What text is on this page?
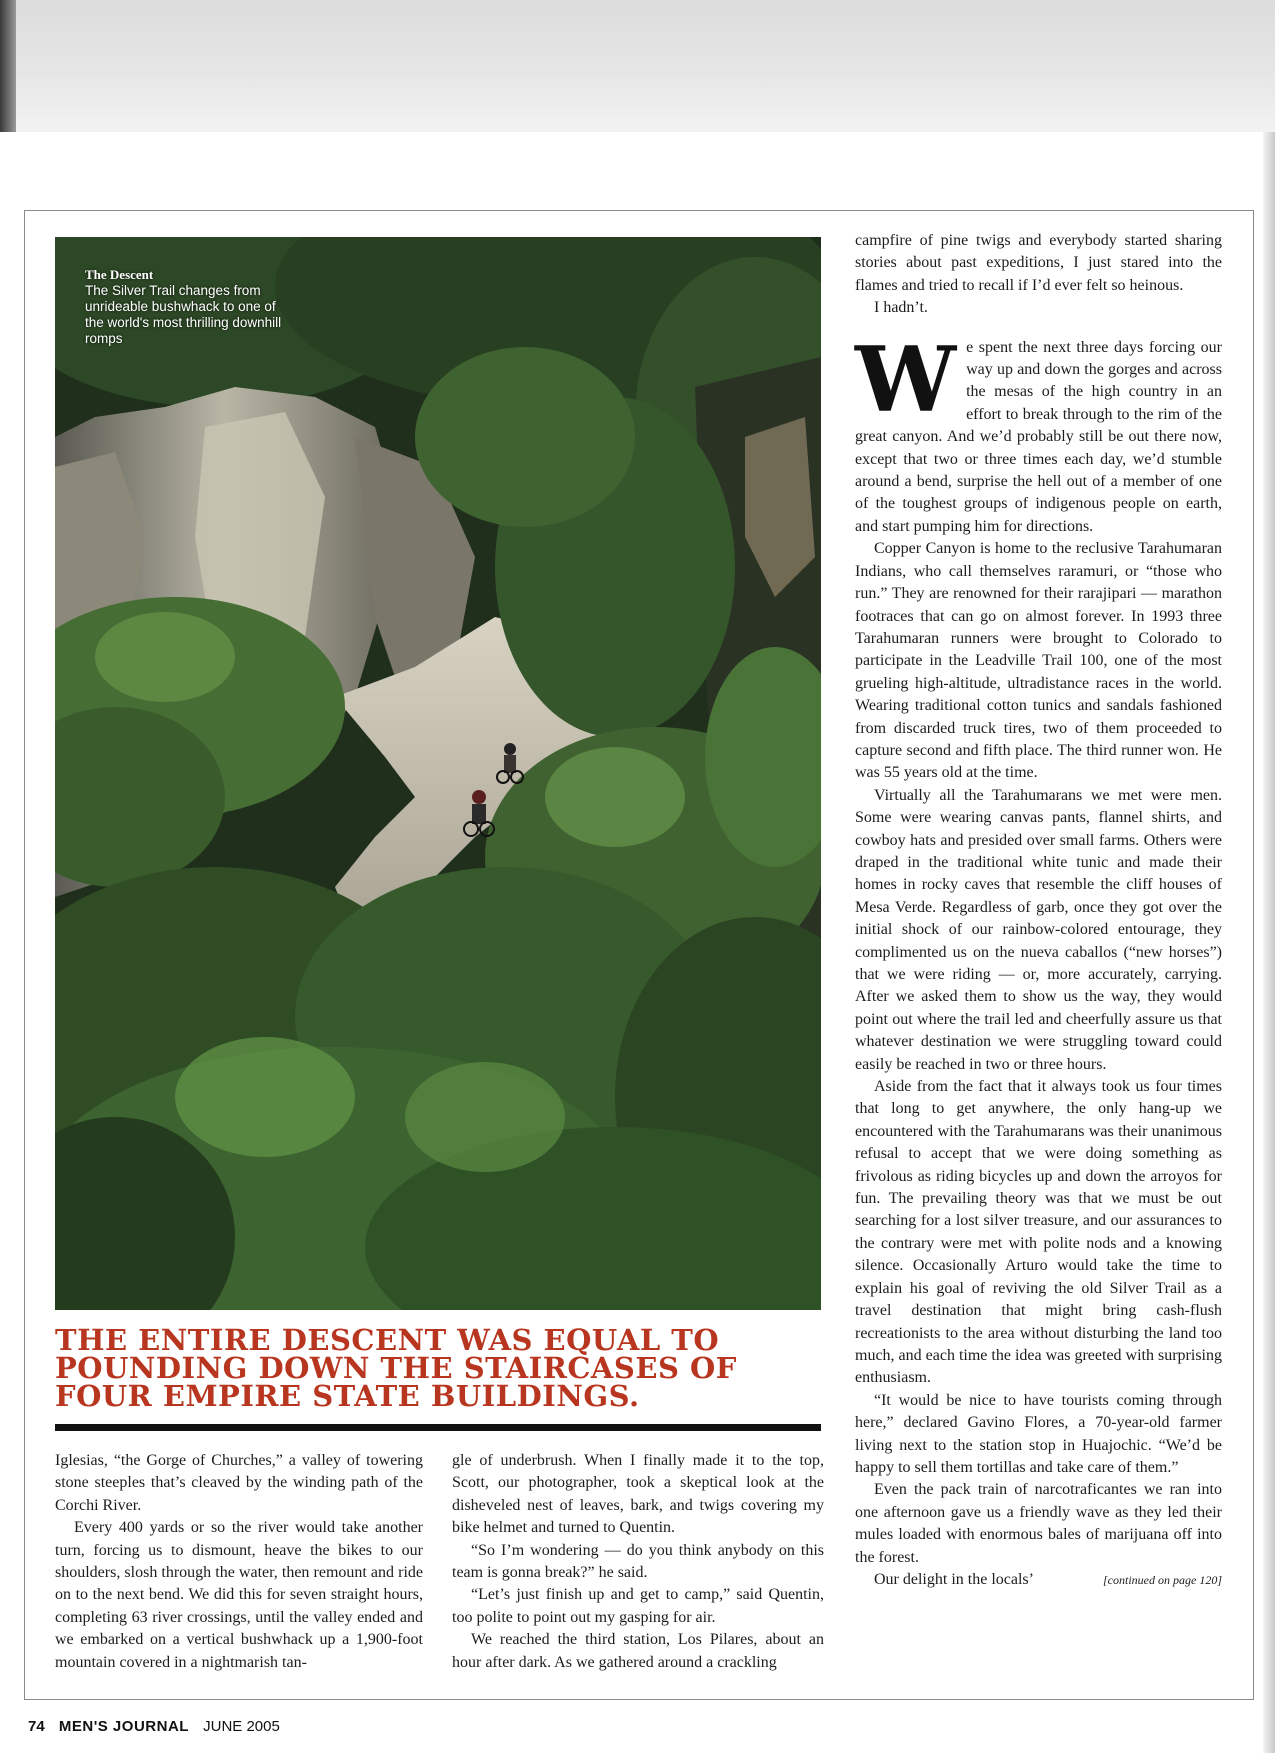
The Descent
The Silver Trail changes from unrideable bushwhack to one of the world's most thrilling downhill romps
THE ENTIRE DESCENT WAS EQUAL TO POUNDING DOWN THE STAIRCASES OF FOUR EMPIRE STATE BUILDINGS.

Iglesias, “the Gorge of Churches,” a valley of towering stone steeples that’s cleaved by the winding path of the Corchi River.

Every 400 yards or so the river would take another turn, forcing us to dismount, heave the bikes to our shoulders, slosh through the water, then remount and ride on to the next bend. We did this for seven straight hours, completing 63 river crossings, until the valley ended and we embarked on a vertical bushwhack up a 1,900-foot mountain covered in a nightmarish tan-

gle of underbrush. When I finally made it to the top, Scott, our photographer, took a skeptical look at the disheveled nest of leaves, bark, and twigs covering my bike helmet and turned to Quentin.

“So I’m wondering — do you think anybody on this team is gonna break?” he said.

“Let’s just finish up and get to camp,” said Quentin, too polite to point out my gasping for air.

We reached the third station, Los Pilares, about an hour after dark. As we gathered around a crackling

campfire of pine twigs and everybody started sharing stories about past expeditions, I just stared into the flames and tried to recall if I’d ever felt so heinous.

I hadn’t.

We spent the next three days forcing our way up and down the gorges and across the mesas of the high country in an effort to break through to the rim of the great canyon. And we’d probably still be out there now, except that two or three times each day, we’d stumble around a bend, surprise the hell out of a member of one of the toughest groups of indigenous people on earth, and start pumping him for directions.

Copper Canyon is home to the reclusive Tarahumaran Indians, who call themselves raramuri, or “those who run.” They are renowned for their rarajipari — marathon footraces that can go on almost forever. In 1993 three Tarahumaran runners were brought to Colorado to participate in the Leadville Trail 100, one of the most grueling high-altitude, ultradistance races in the world. Wearing traditional cotton tunics and sandals fashioned from discarded truck tires, two of them proceeded to capture second and fifth place. The third runner won. He was 55 years old at the time.

Virtually all the Tarahumarans we met were men. Some were wearing canvas pants, flannel shirts, and cowboy hats and presided over small farms. Others were draped in the traditional white tunic and made their homes in rocky caves that resemble the cliff houses of Mesa Verde. Regardless of garb, once they got over the initial shock of our rainbow-colored entourage, they complimented us on the nueva caballos (“new horses”) that we were riding — or, more accurately, carrying. After we asked them to show us the way, they would point out where the trail led and cheerfully assure us that whatever destination we were struggling toward could easily be reached in two or three hours.

Aside from the fact that it always took us four times that long to get anywhere, the only hang-up we encountered with the Tarahumarans was their unanimous refusal to accept that we were doing something as frivolous as riding bicycles up and down the arroyos for fun. The prevailing theory was that we must be out searching for a lost silver treasure, and our assurances to the contrary were met with polite nods and a knowing silence. Occasionally Arturo would take the time to explain his goal of reviving the old Silver Trail as a travel destination that might bring cash-flush recreationists to the area without disturbing the land too much, and each time the idea was greeted with surprising enthusiasm.

“It would be nice to have tourists coming through here,” declared Gavino Flores, a 70-year-old farmer living next to the station stop in Huajochic. “We’d be happy to sell them tortillas and take care of them.”

Even the pack train of narcotraficantes we ran into one afternoon gave us a friendly wave as they led their mules loaded with enormous bales of marijuana off into the forest.

Our delight in the locals’	[continued on page 120]

74 MEN'S JOURNAL JUNE 2005
